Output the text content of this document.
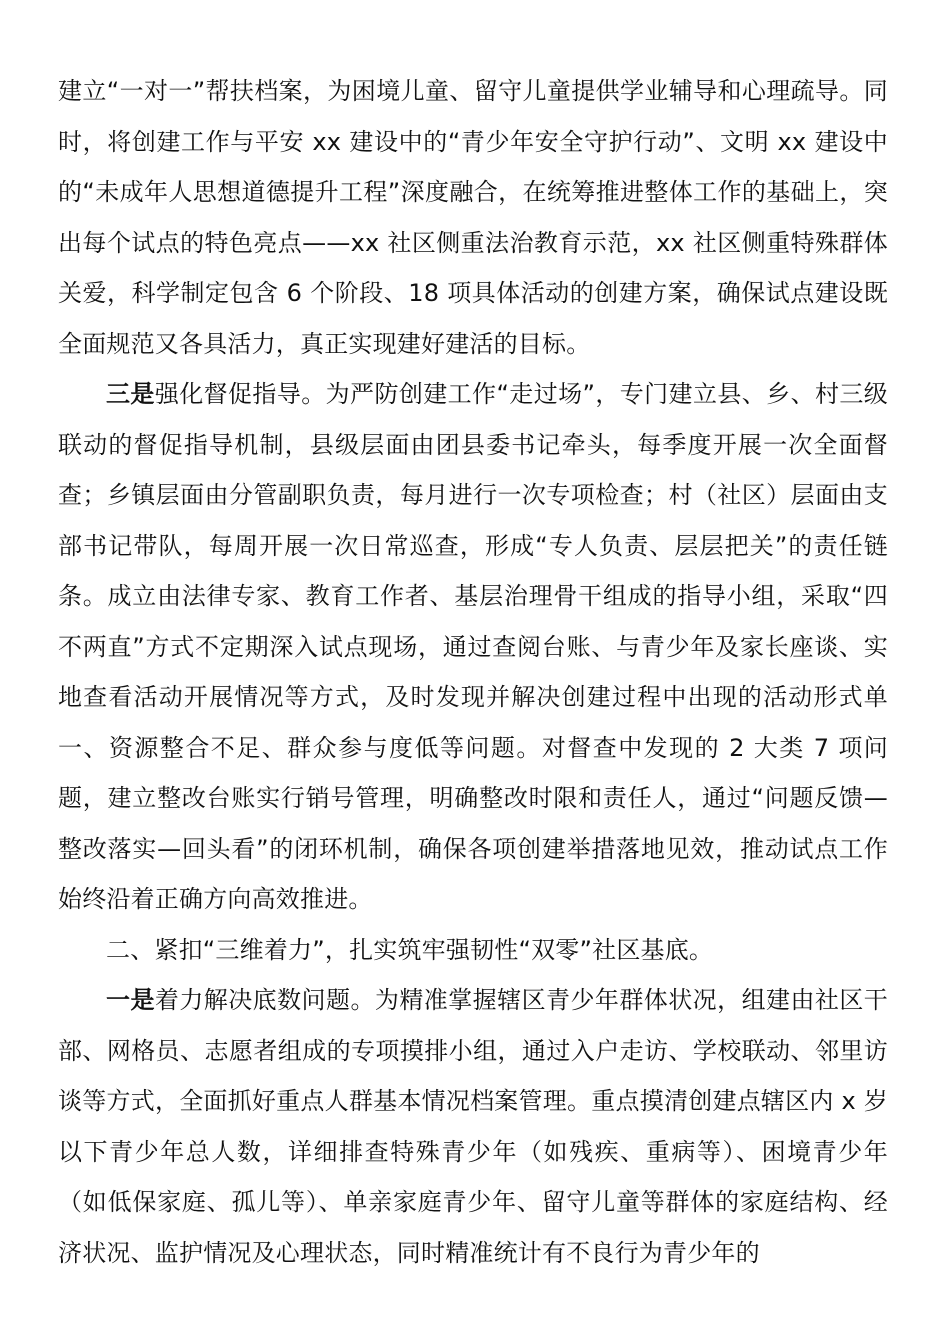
建立“一对一”帮扶档案，为困境儿童、留守儿童提供学业辅导和心理疏导。同时，将创建工作与平安 xx 建设中的“青少年安全守护行动”、文明 xx 建设中的“未成年人思想道德提升工程”深度融合，在统筹推进整体工作的基础上，突出每个试点的特色亮点——xx 社区侧重法治教育示范，xx 社区侧重特殊群体关爱，科学制定包含 6 个阶段、18 项具体活动的创建方案，确保试点建设既全面规范又各具活力，真正实现建好建活的目标。

三是强化督促指导。为严防创建工作“走过场”，专门建立县、乡、村三级联动的督促指导机制，县级层面由团县委书记牵头，每季度开展一次全面督查；乡镇层面由分管副职负责，每月进行一次专项检查；村（社区）层面由支部书记带队，每周开展一次日常巡查，形成“专人负责、层层把关”的责任链条。成立由法律专家、教育工作者、基层治理骨干组成的指导小组，采取“四不两直”方式不定期深入试点现场，通过查阅台账、与青少年及家长座谈、实地查看活动开展情况等方式，及时发现并解决创建过程中出现的活动形式单一、资源整合不足、群众参与度低等问题。对督查中发现的 2 大类 7 项问题，建立整改台账实行销号管理，明确整改时限和责任人，通过“问题反馈—整改落实—回头看”的闭环机制，确保各项创建举措落地见效，推动试点工作始终沿着正确方向高效推进。

二、紧扣“三维着力”，扎实筑牢强韧性“双零”社区基底。

一是着力解决底数问题。为精准掌握辖区青少年群体状况，组建由社区干部、网格员、志愿者组成的专项摸排小组，通过入户走访、学校联动、邻里访谈等方式，全面抓好重点人群基本情况档案管理。重点摸清创建点辖区内 x 岁以下青少年总人数，详细排查特殊青少年（如残疾、重病等）、困境青少年（如低保家庭、孤儿等）、单亲家庭青少年、留守儿童等群体的家庭结构、经济状况、监护情况及心理状态，同时精准统计有不良行为青少年的
